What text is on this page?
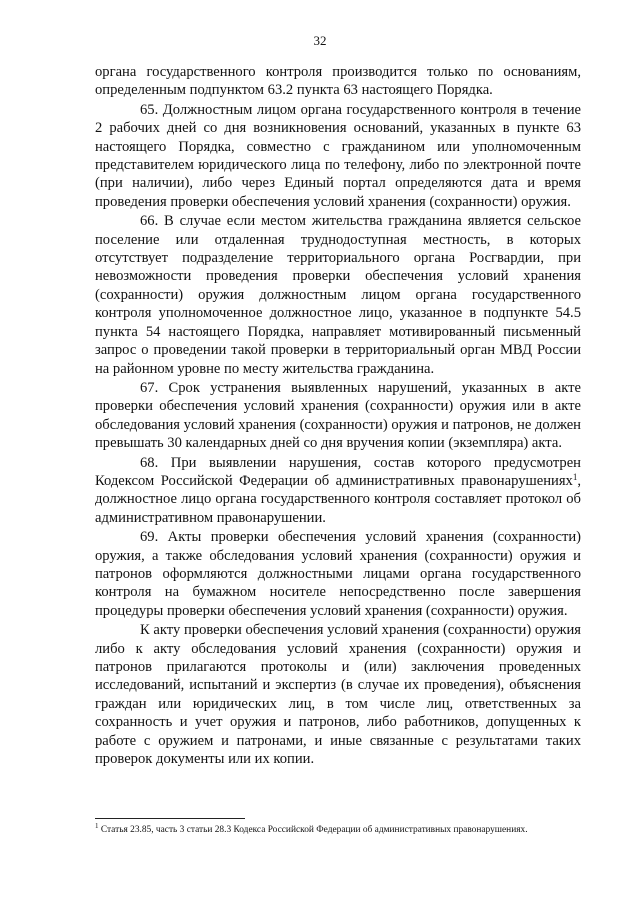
32

органа государственного контроля производится только по основаниям, определенным подпунктом 63.2 пункта 63 настоящего Порядка.

65. Должностным лицом органа государственного контроля в течение 2 рабочих дней со дня возникновения оснований, указанных в пункте 63 настоящего Порядка, совместно с гражданином или уполномоченным представителем юридического лица по телефону, либо по электронной почте (при наличии), либо через Единый портал определяются дата и время проведения проверки обеспечения условий хранения (сохранности) оружия.

66. В случае если местом жительства гражданина является сельское поселение или отдаленная труднодоступная местность, в которых отсутствует подразделение территориального органа Росгвардии, при невозможности проведения проверки обеспечения условий хранения (сохранности) оружия должностным лицом органа государственного контроля уполномоченное должностное лицо, указанное в подпункте 54.5 пункта 54 настоящего Порядка, направляет мотивированный письменный запрос о проведении такой проверки в территориальный орган МВД России на районном уровне по месту жительства гражданина.

67. Срок устранения выявленных нарушений, указанных в акте проверки обеспечения условий хранения (сохранности) оружия или в акте обследования условий хранения (сохранности) оружия и патронов, не должен превышать 30 календарных дней со дня вручения копии (экземпляра) акта.

68. При выявлении нарушения, состав которого предусмотрен Кодексом Российской Федерации об административных правонарушениях$^1$, должностное лицо органа государственного контроля составляет протокол об административном правонарушении.

69. Акты проверки обеспечения условий хранения (сохранности) оружия, а также обследования условий хранения (сохранности) оружия и патронов оформляются должностными лицами органа государственного контроля на бумажном носителе непосредственно после завершения процедуры проверки обеспечения условий хранения (сохранности) оружия.

К акту проверки обеспечения условий хранения (сохранности) оружия либо к акту обследования условий хранения (сохранности) оружия и патронов прилагаются протоколы и (или) заключения проведенных исследований, испытаний и экспертиз (в случае их проведения), объяснения граждан или юридических лиц, в том числе лиц, ответственных за сохранность и учет оружия и патронов, либо работников, допущенных к работе с оружием и патронами, и иные связанные с результатами таких проверок документы или их копии.

$^1$ Статья 23.85, часть 3 статьи 28.3 Кодекса Российской Федерации об административных правонарушениях.
